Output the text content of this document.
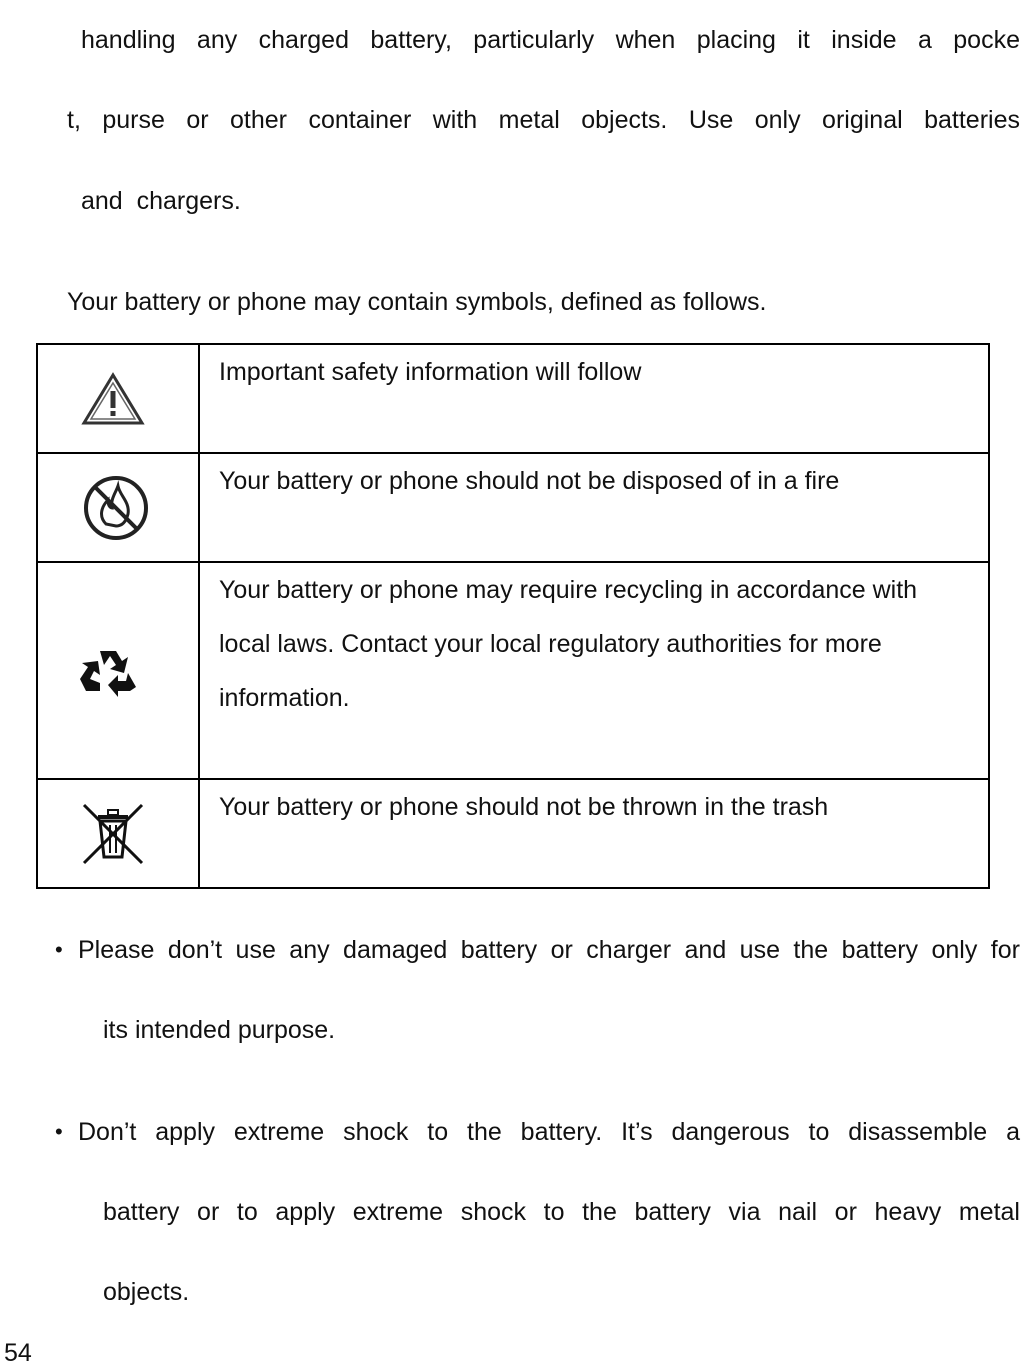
handling any charged battery, particularly when placing it inside a pocke
t, purse or other container with metal objects. Use only original batteries
and  chargers.
Your battery or phone may contain symbols, defined as follows.

Important safety information will follow

Your battery or phone should not be disposed of in a fire

Your battery or phone may require recycling in accordance with local laws. Contact your local regulatory authorities for more information.

Your battery or phone should not be thrown in the trash
• Please don’t use any damaged battery or charger and use the battery only for
its intended purpose.
• Don’t apply extreme shock to the battery. It’s dangerous to disassemble a
battery or to apply extreme shock to the battery via nail or heavy metal
objects.
54
